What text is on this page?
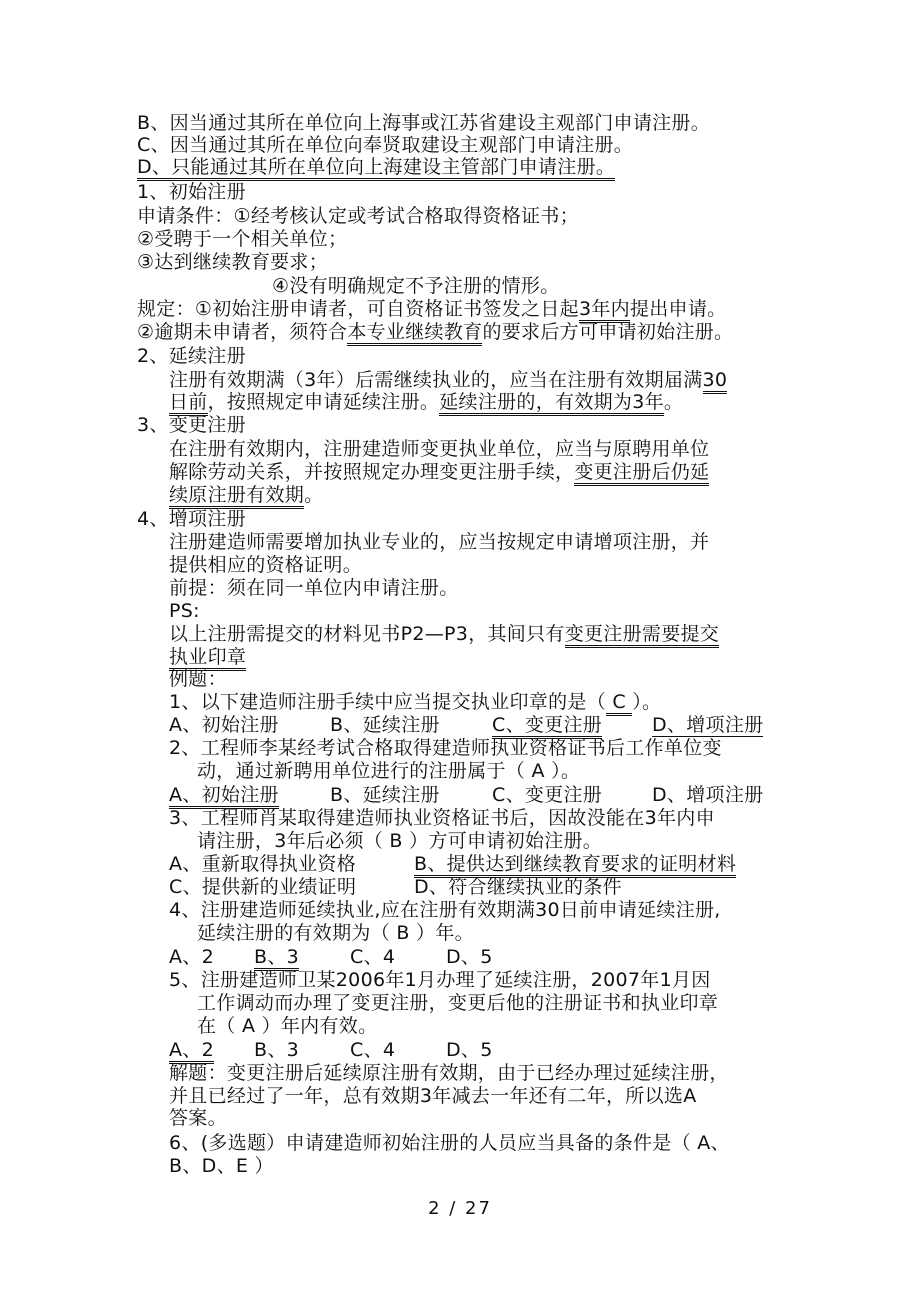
B、因当通过其所在单位向上海事或江苏省建设主观部门申请注册。
C、因当通过其所在单位向奉贤取建设主观部门申请注册。
D、只能通过其所在单位向上海建设主管部门申请注册。
1、初始注册
申请条件：①经考核认定或考试合格取得资格证书；
②受聘于一个相关单位；
③达到继续教育要求；
④没有明确规定不予注册的情形。
规定：①初始注册申请者，可自资格证书签发之日起3年内提出申请。
②逾期未申请者，须符合本专业继续教育的要求后方可申请初始注册。
2、延续注册
注册有效期满（3年）后需继续执业的，应当在注册有效期届满30
日前，按照规定申请延续注册。延续注册的，有效期为3年。
3、变更注册
在注册有效期内，注册建造师变更执业单位，应当与原聘用单位
解除劳动关系，并按照规定办理变更注册手续，变更注册后仍延
续原注册有效期。
4、增项注册
注册建造师需要增加执业专业的，应当按规定申请增项注册，并
提供相应的资格证明。
前提：须在同一单位内申请注册。
PS:
以上注册需提交的材料见书P2—P3，其间只有变更注册需要提交
执业印章
例题：
1、以下建造师注册手续中应当提交执业印章的是（ C ）。
A、初始注册	B、延续注册	C、变更注册	D、增项注册
2、工程师李某经考试合格取得建造师执业资格证书后工作单位变
动，通过新聘用单位进行的注册属于（ A ）。
A、初始注册	B、延续注册	C、变更注册	D、增项注册
3、工程师肖某取得建造师执业资格证书后，因故没能在3年内申
请注册，3年后必须（ B ）方可申请初始注册。
A、重新取得执业资格	B、提供达到继续教育要求的证明材料
C、提供新的业绩证明	D、符合继续执业的条件
4、注册建造师延续执业,应在注册有效期满30日前申请延续注册,
延续注册的有效期为（ B ）年。
A、2 B、3	C、4	D、5
5、注册建造师卫某2006年1月办理了延续注册，2007年1月因
工作调动而办理了变更注册，变更后他的注册证书和执业印章
在（ A ）年内有效。
A、2 B、3	C、4	D、5
解题：变更注册后延续原注册有效期，由于已经办理过延续注册，
并且已经过了一年，总有效期3年减去一年还有二年，所以选A
答案。
6、(多选题）申请建造师初始注册的人员应当具备的条件是（ A、
B、D、E ）
2 / 27
